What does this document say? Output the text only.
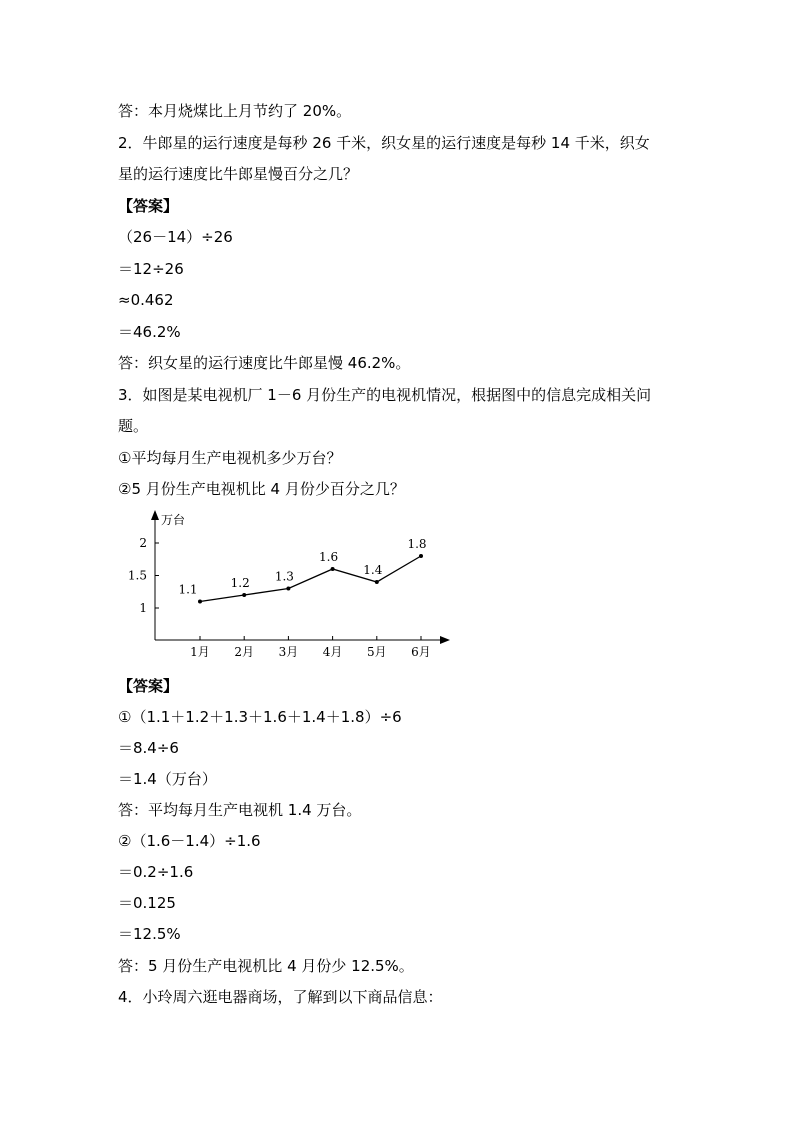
答：本月烧煤比上月节约了 20%。
2．牛郎星的运行速度是每秒 26 千米，织女星的运行速度是每秒 14 千米，织女
星的运行速度比牛郎星慢百分之几？
【答案】
（26－14）÷26
＝12÷26
≈0.462
＝46.2%
答：织女星的运行速度比牛郎星慢 46.2%。
3．如图是某电视机厂 1－6 月份生产的电视机情况，根据图中的信息完成相关问
题。
①平均每月生产电视机多少万台？
②5 月份生产电视机比 4 月份少百分之几？
万台
1
1.5
2
1月 2月 3月 4月 5月 6月
1.1	1.2 1.3
1.6
1.4
1.8
【答案】
①（1.1＋1.2＋1.3＋1.6＋1.4＋1.8）÷6
＝8.4÷6
＝1.4（万台）
答：平均每月生产电视机 1.4 万台。
②（1.6－1.4）÷1.6
＝0.2÷1.6
＝0.125
＝12.5%
答：5 月份生产电视机比 4 月份少 12.5%。
4．小玲周六逛电器商场，了解到以下商品信息：
